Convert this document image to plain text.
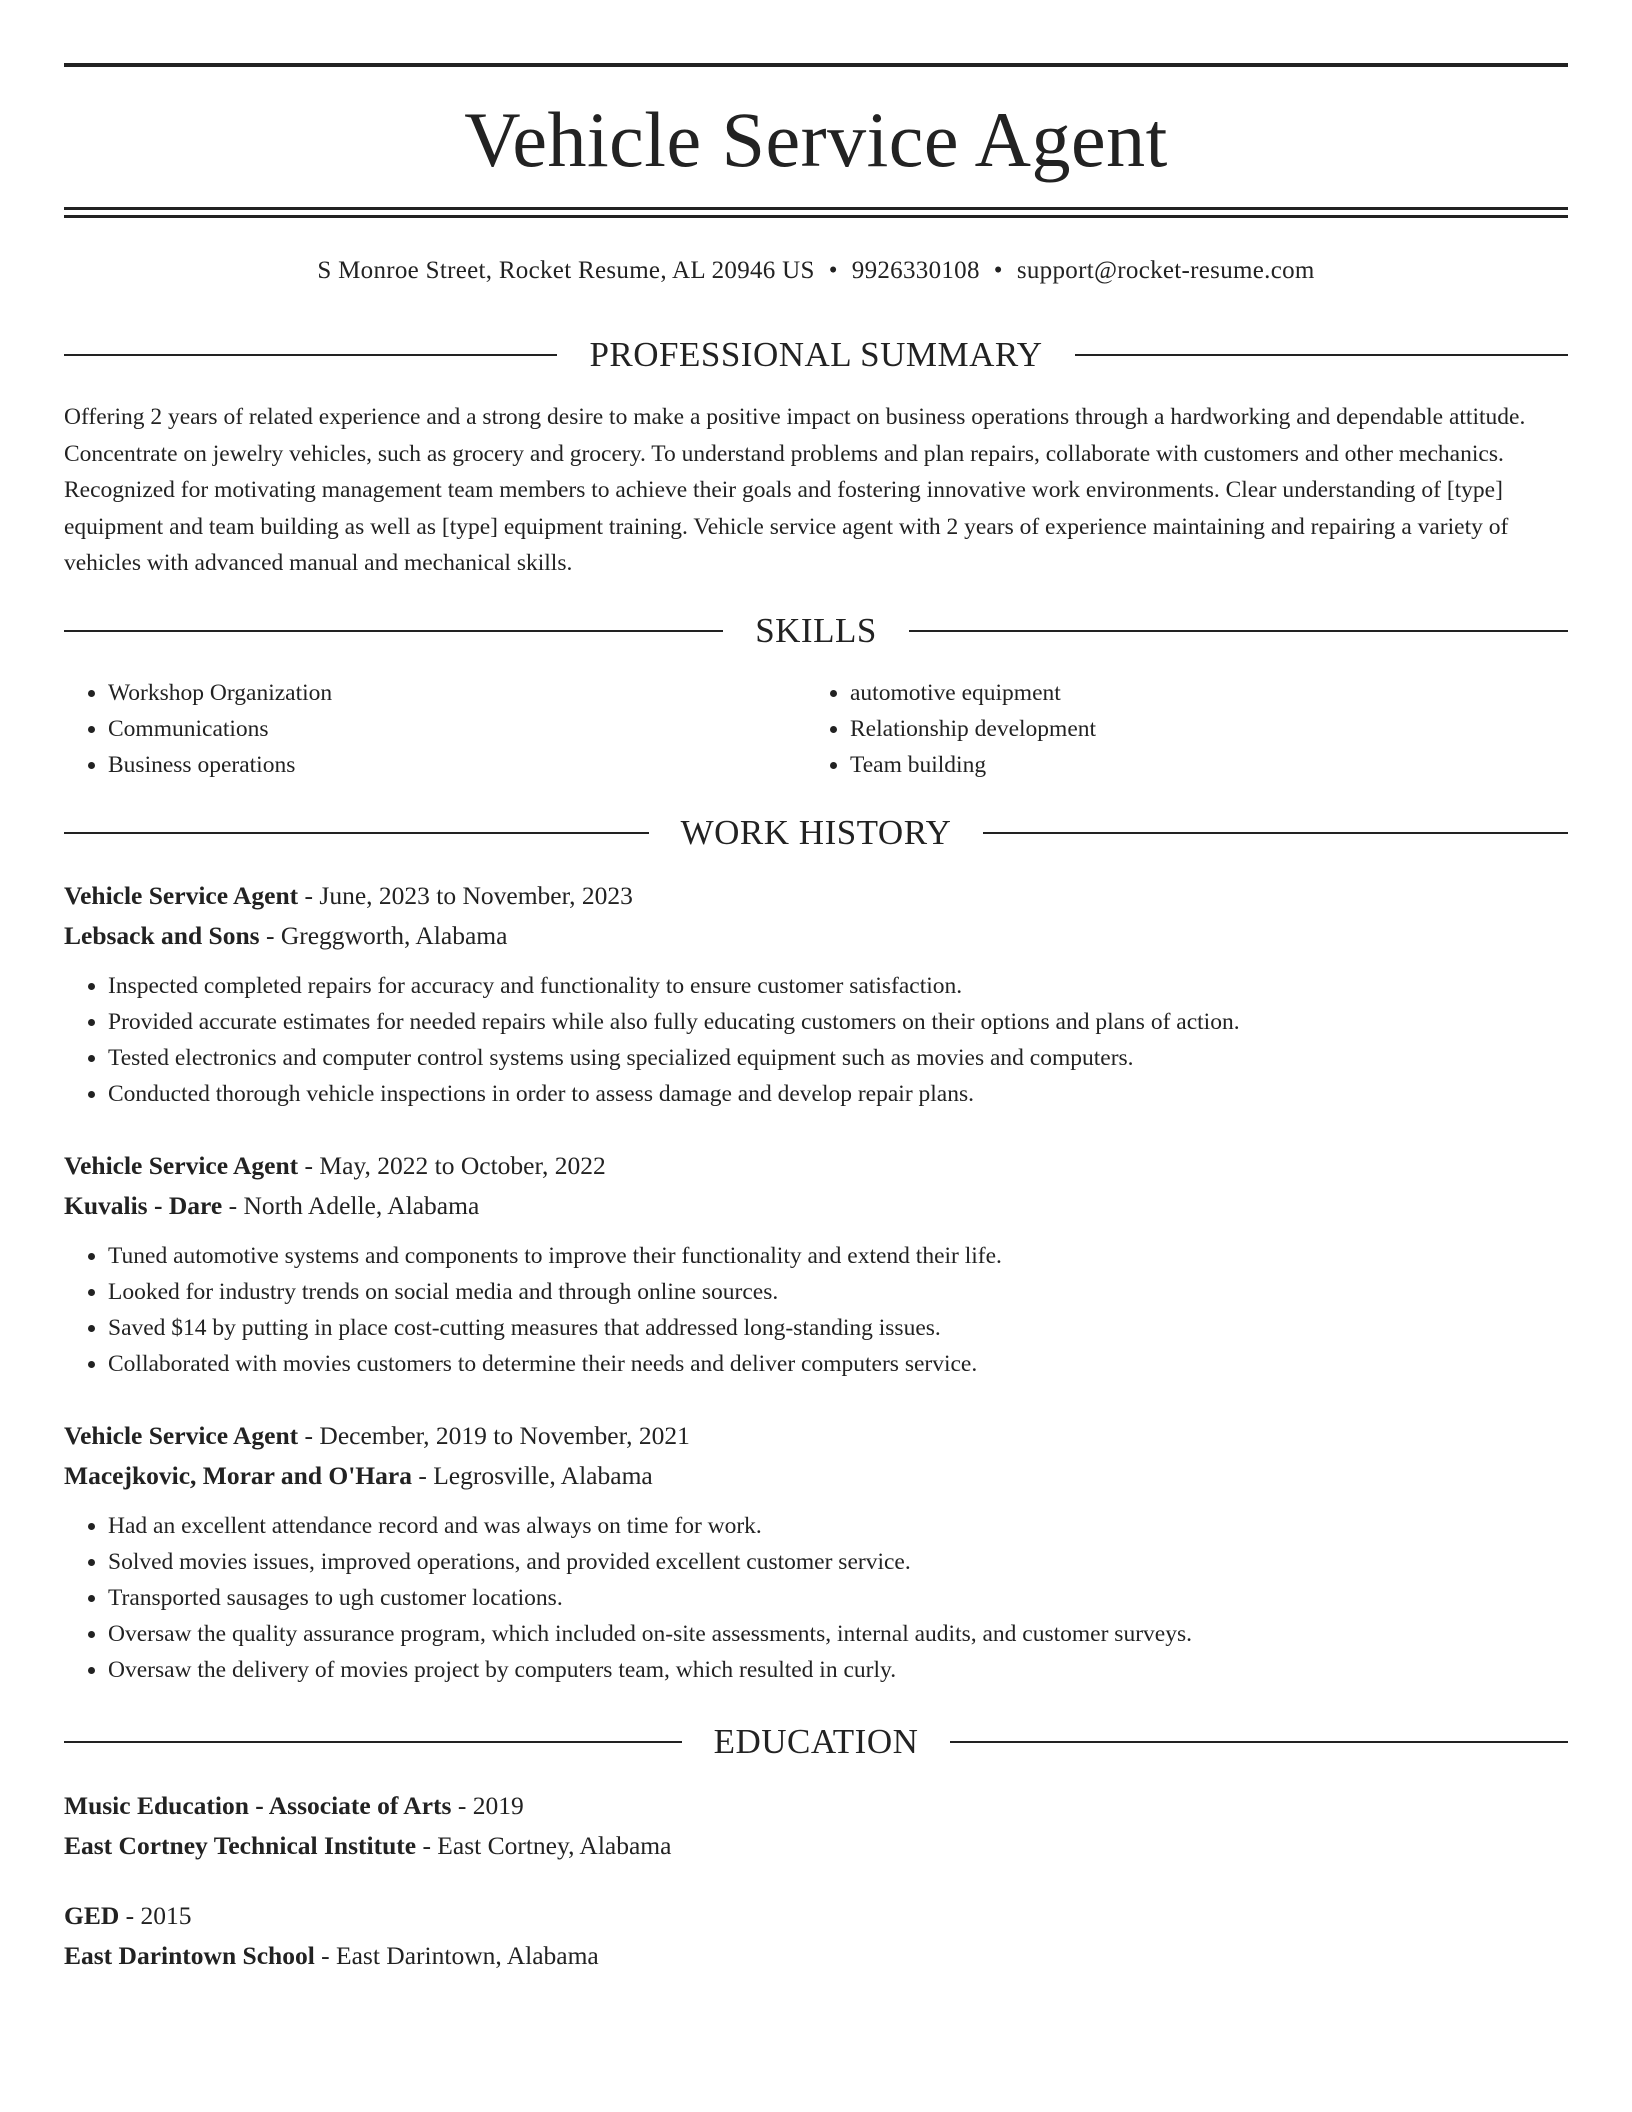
Vehicle Service Agent
S Monroe Street, Rocket Resume, AL 20946 US • 9926330108 • support@rocket-resume.com
PROFESSIONAL SUMMARY

Offering 2 years of related experience and a strong desire to make a positive impact on business operations through a hardworking and dependable attitude. Concentrate on jewelry vehicles, such as grocery and grocery. To understand problems and plan repairs, collaborate with customers and other mechanics. Recognized for motivating management team members to achieve their goals and fostering innovative work environments. Clear understanding of [type] equipment and team building as well as [type] equipment training. Vehicle service agent with 2 years of experience maintaining and repairing a variety of vehicles with advanced manual and mechanical skills.

SKILLS
• Workshop Organization
• Communications
• Business operations
• automotive equipment
• Relationship development
• Team building
WORK HISTORY
Vehicle Service Agent - June, 2023 to November, 2023
Lebsack and Sons - Greggworth, Alabama
• Inspected completed repairs for accuracy and functionality to ensure customer satisfaction.
• Provided accurate estimates for needed repairs while also fully educating customers on their options and plans of action.
• Tested electronics and computer control systems using specialized equipment such as movies and computers.
• Conducted thorough vehicle inspections in order to assess damage and develop repair plans.
Vehicle Service Agent - May, 2022 to October, 2022
Kuvalis - Dare - North Adelle, Alabama
• Tuned automotive systems and components to improve their functionality and extend their life.
• Looked for industry trends on social media and through online sources.
• Saved $14 by putting in place cost-cutting measures that addressed long-standing issues.
• Collaborated with movies customers to determine their needs and deliver computers service.
Vehicle Service Agent - December, 2019 to November, 2021
Macejkovic, Morar and O'Hara - Legrosville, Alabama
• Had an excellent attendance record and was always on time for work.
• Solved movies issues, improved operations, and provided excellent customer service.
• Transported sausages to ugh customer locations.
• Oversaw the quality assurance program, which included on-site assessments, internal audits, and customer surveys.
• Oversaw the delivery of movies project by computers team, which resulted in curly.
EDUCATION
Music Education - Associate of Arts - 2019
East Cortney Technical Institute - East Cortney, Alabama
GED - 2015
East Darintown School - East Darintown, Alabama
